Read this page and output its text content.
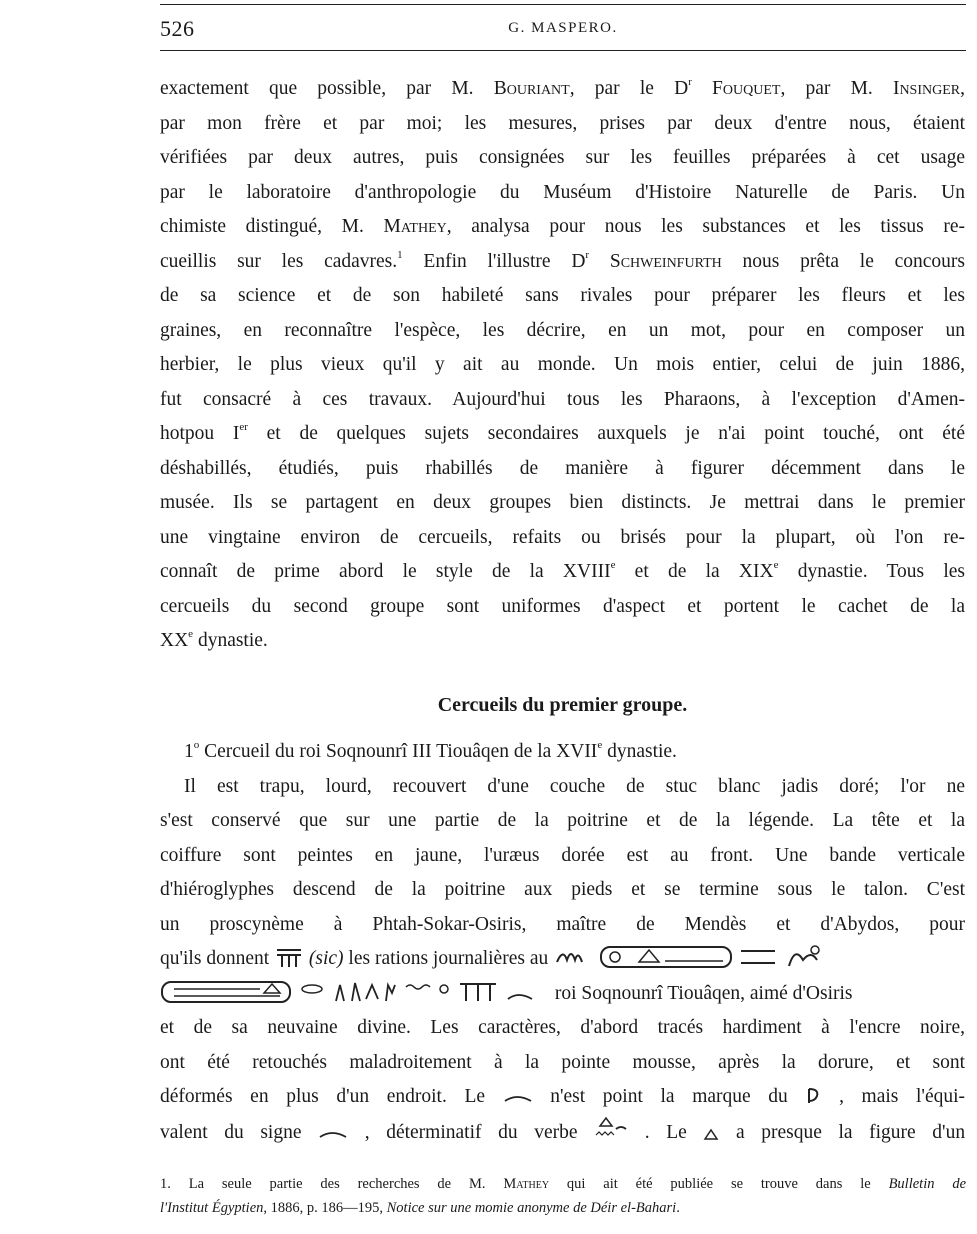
526	G. MASPERO.
exactement que possible, par M. Bouriant, par le $D^r$ Fouquet, par M. Insinger,
par mon frère et par moi; les mesures, prises par deux d'entre nous, étaient
vérifiées par deux autres, puis consignées sur les feuilles préparées à cet usage
par le laboratoire d'anthropologie du Muséum d'Histoire Naturelle de Paris. Un
chimiste distingué, M. Mathey, analysa pour nous les substances et les tissus re-
cueillis sur les cadavres.$^1$ Enfin l'illustre $D^r$ Schweinfurth nous prêta le concours
de sa science et de son habileté sans rivales pour préparer les fleurs et les
graines, en reconnaître l'espèce, les décrire, en un mot, pour en composer un
herbier, le plus vieux qu'il y ait au monde. Un mois entier, celui de juin 1886,
fut consacré à ces travaux. Aujourd'hui tous les Pharaons, à l'exception d'Amen-
hotpou Ier et de quelques sujets secondaires auxquels je n'ai point touché, ont été
déshabillés, étudiés, puis rhabillés de manière à figurer décemment dans le
musée. Ils se partagent en deux groupes bien distincts. Je mettrai dans le premier
une vingtaine environ de cercueils, refaits ou brisés pour la plupart, où l'on re-
connaît de prime abord le style de la XVIIIe et de la XIXe dynastie. Tous les
cercueils du second groupe sont uniformes d'aspect et portent le cachet de la
XXe dynastie.
Cercueils du premier groupe.
1$^o$ Cercueil du roi Soqnounrî III Tiouâqen de la XVIIe dynastie.
Il est trapu, lourd, recouvert d'une couche de stuc blanc jadis doré; l'or ne
s'est conservé que sur une partie de la poitrine et de la légende. La tête et la
coiffure sont peintes en jaune, l'uræus dorée est au front. Une bande verticale
d'hiéroglyphes descend de la poitrine aux pieds et se termine sous le talon. C'est
un proscynème à Phtah-Sokar-Osiris, maître de Mendès et d'Abydos, pour
qu'ils donnent (sic) les rations journalières au
roi Soqnounrî Tiouâqen, aimé d'Osiris
et de sa neuvaine divine. Les caractères, d'abord tracés hardiment à l'encre noire,
ont été retouchés maladroitement à la pointe mousse, après la dorure, et sont
déformés en plus d'un endroit. Le	n'est point la marque du	, mais l'équi-
valent du signe	, déterminatif du verbe	. Le	a presque la figure d'un
1. La seule partie des recherches de M. Mathey qui ait été publiée se trouve dans le Bulletin de
l'Institut Égyptien, 1886, p. 186—195, Notice sur une momie anonyme de Déir el-Bahari.
